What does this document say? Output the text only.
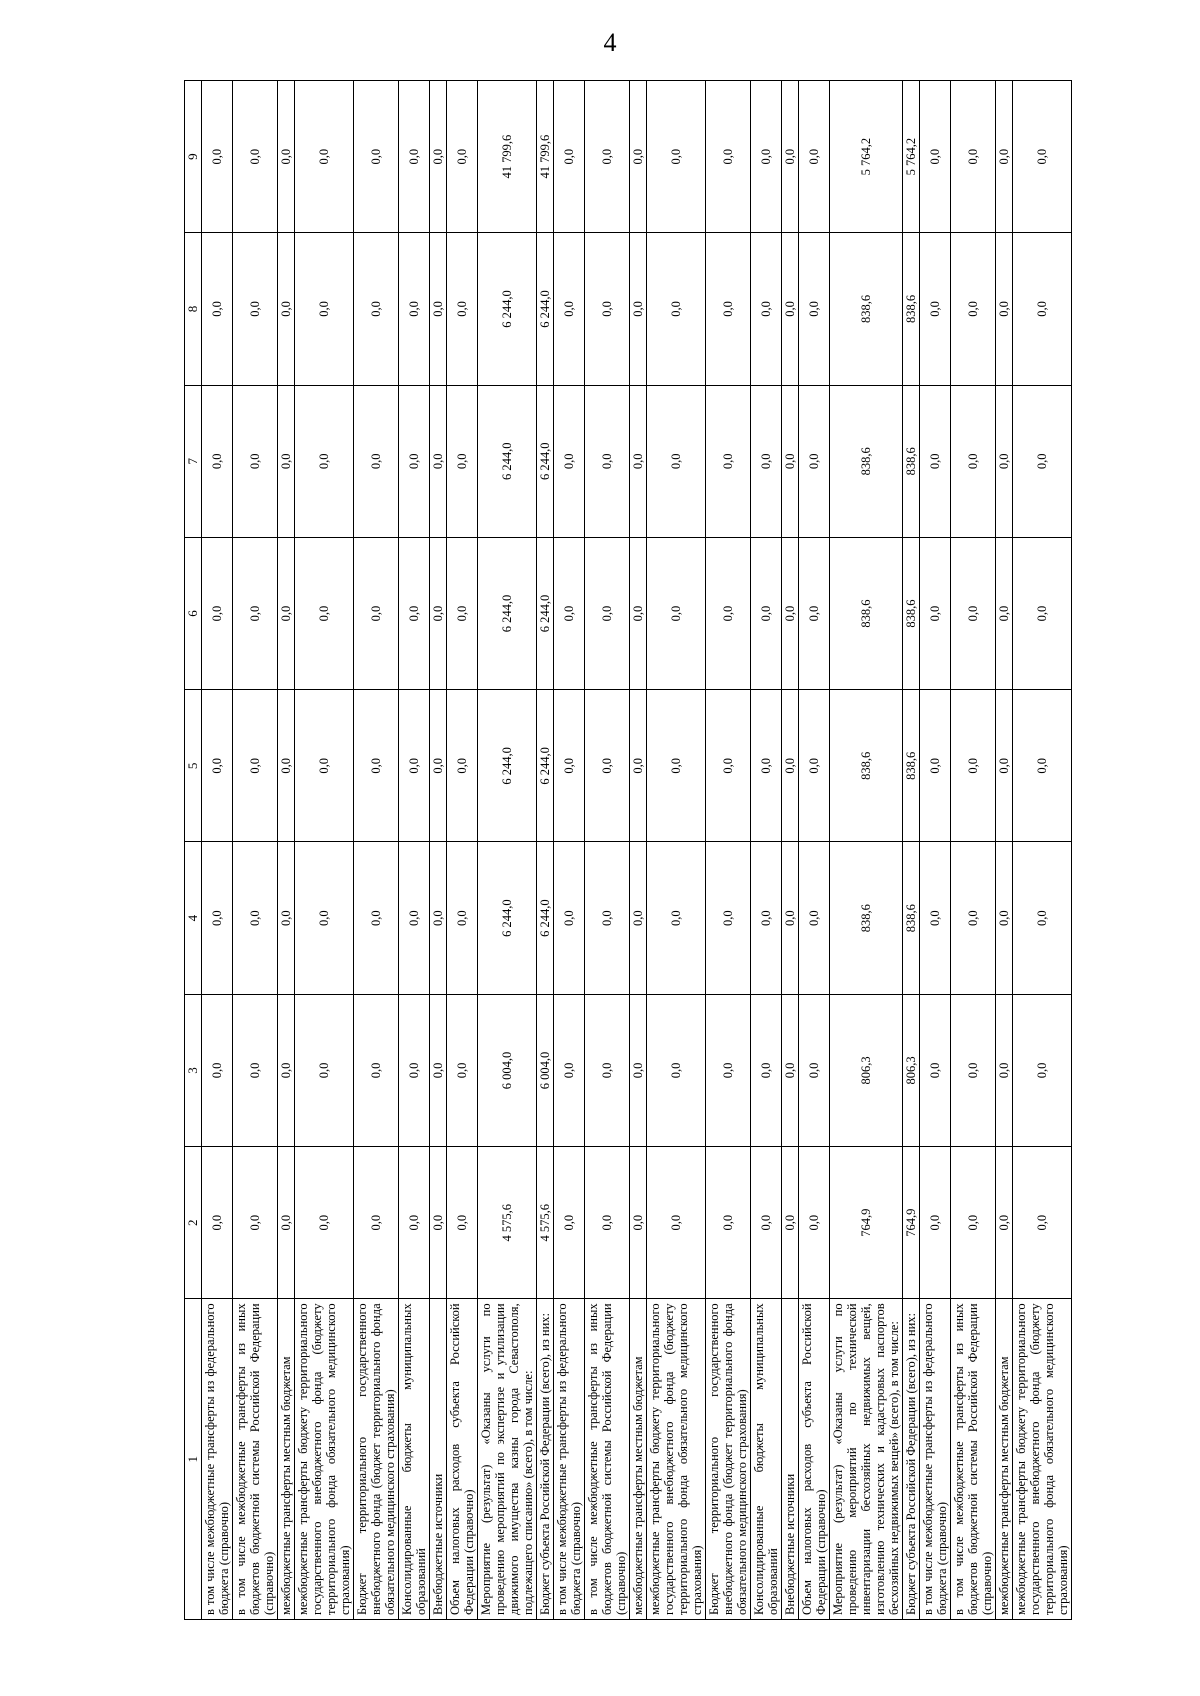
4
1	2	3	4	5	6	7	8	9
в том числе межбюджетные трансферты из федерального бюджета (справочно)	0,0	0,0	0,0	0,0	0,0	0,0	0,0	0,0
в том числе межбюджетные трансферты из иных бюджетов бюджетной системы Российской Федерации (справочно)	0,0	0,0	0,0	0,0	0,0	0,0	0,0	0,0
межбюджетные трансферты местным бюджетам	0,0	0,0	0,0	0,0	0,0	0,0	0,0	0,0
межбюджетные трансферты бюджету территориального государственного внебюджетного фонда (бюджету территориального фонда обязательного медицинского страхования)	0,0	0,0	0,0	0,0	0,0	0,0	0,0	0,0
Бюджет территориального государственного внебюджетного фонда (бюджет территориального фонда обязательного медицинского страхования)	0,0	0,0	0,0	0,0	0,0	0,0	0,0	0,0
Консолидированные бюджеты муниципальных образований	0,0	0,0	0,0	0,0	0,0	0,0	0,0	0,0
Внебюджетные источники	0,0	0,0	0,0	0,0	0,0	0,0	0,0	0,0
Объем налоговых расходов субъекта Российской Федерации (справочно)	0,0	0,0	0,0	0,0	0,0	0,0	0,0	0,0
Мероприятие (результат) «Оказаны услуги по проведению мероприятий по экспертизе и утилизации движимого имущества казны города Севастополя, подлежащего списанию» (всего), в том числе:	4 575,6	6 004,0	6 244,0	6 244,0	6 244,0	6 244,0	6 244,0	41 799,6
Бюджет субъекта Российской Федерации (всего), из них:	4 575,6	6 004,0	6 244,0	6 244,0	6 244,0	6 244,0	6 244,0	41 799,6
в том числе межбюджетные трансферты из федерального бюджета (справочно)	0,0	0,0	0,0	0,0	0,0	0,0	0,0	0,0
в том числе межбюджетные трансферты из иных бюджетов бюджетной системы Российской Федерации (справочно)	0,0	0,0	0,0	0,0	0,0	0,0	0,0	0,0
межбюджетные трансферты местным бюджетам	0,0	0,0	0,0	0,0	0,0	0,0	0,0	0,0
межбюджетные трансферты бюджету территориального государственного внебюджетного фонда (бюджету территориального фонда обязательного медицинского страхования)	0,0	0,0	0,0	0,0	0,0	0,0	0,0	0,0
Бюджет территориального государственного внебюджетного фонда (бюджет территориального фонда обязательного медицинского страхования)	0,0	0,0	0,0	0,0	0,0	0,0	0,0	0,0
Консолидированные бюджеты муниципальных образований	0,0	0,0	0,0	0,0	0,0	0,0	0,0	0,0
Внебюджетные источники	0,0	0,0	0,0	0,0	0,0	0,0	0,0	0,0
Объем налоговых расходов субъекта Российской Федерации (справочно)	0,0	0,0	0,0	0,0	0,0	0,0	0,0	0,0
Мероприятие (результат) «Оказаны услуги по проведению мероприятий по технической инвентаризации бесхозяйных недвижимых вещей, изготовлению технических и кадастровых паспортов бесхозяйных недвижимых вещей» (всего), в том числе:	764,9	806,3	838,6	838,6	838,6	838,6	838,6	5 764,2
Бюджет субъекта Российской Федерации (всего), из них:	764,9	806,3	838,6	838,6	838,6	838,6	838,6	5 764,2
в том числе межбюджетные трансферты из федерального бюджета (справочно)	0,0	0,0	0,0	0,0	0,0	0,0	0,0	0,0
в том числе межбюджетные трансферты из иных бюджетов бюджетной системы Российской Федерации (справочно)	0,0	0,0	0,0	0,0	0,0	0,0	0,0	0,0
межбюджетные трансферты местным бюджетам	0,0	0,0	0,0	0,0	0,0	0,0	0,0	0,0
межбюджетные трансферты бюджету территориального государственного внебюджетного фонда (бюджету территориального фонда обязательного медицинского страхования)	0,0	0,0	0,0	0,0	0,0	0,0	0,0	0,0
